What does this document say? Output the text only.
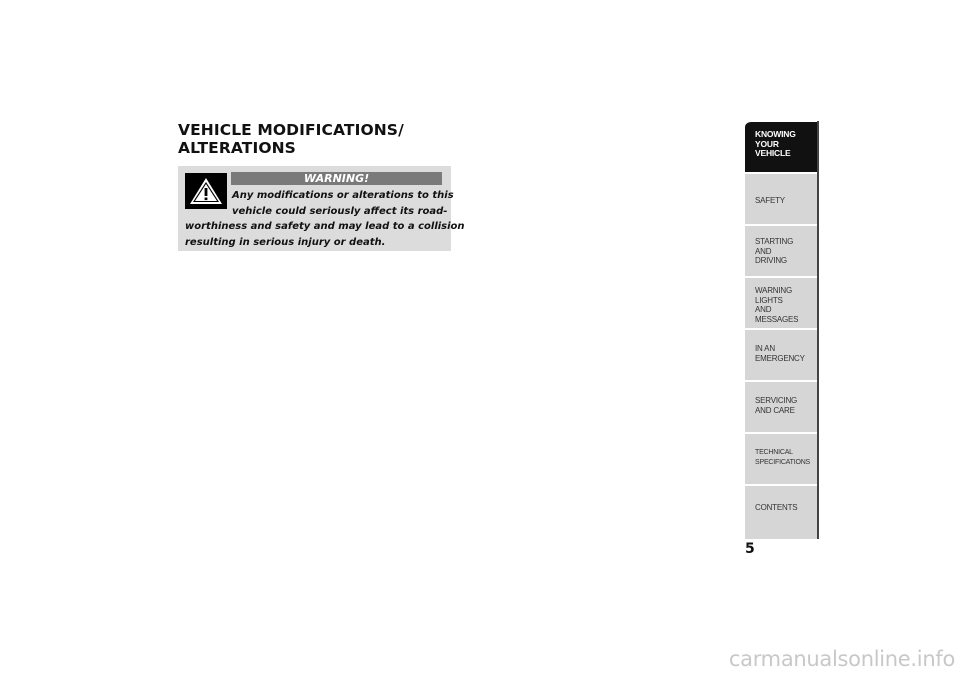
VEHICLE MODIFICATIONS/
ALTERATIONS
WARNING!

Any modifications or alterations to this
vehicle could seriously affect its road-
worthiness and safety and may lead to a collision
resulting in serious injury or death.

KNOWING
YOUR
VEHICLE
SAFETY
STARTING
AND
DRIVING
WARNING
LIGHTS
AND
MESSAGES
IN AN
EMERGENCY
SERVICING
AND CARE
TECHNICAL
SPECIFICATIONS
CONTENTS
5
carmanualsonline.info
